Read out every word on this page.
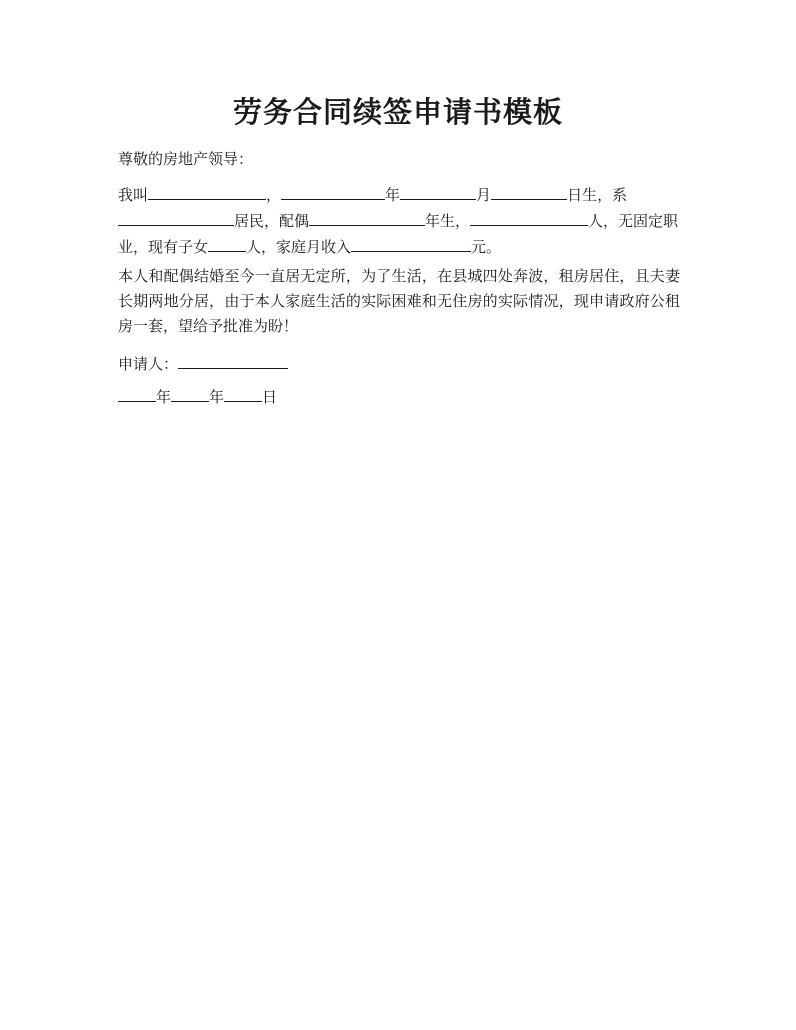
劳务合同续签申请书模板
尊敬的房地产领导：
我叫	，	年	月	日生，系居民，配偶	年生，	人，无固定职业，现有子女	人，家庭月收入	元。
本人和配偶结婚至今一直居无定所，为了生活，在县城四处奔波，租房居住，且夫妻长期两地分居，由于本人家庭生活的实际困难和无住房的实际情况，现申请政府公租房一套，望给予批准为盼！
申请人：
年	年	日
